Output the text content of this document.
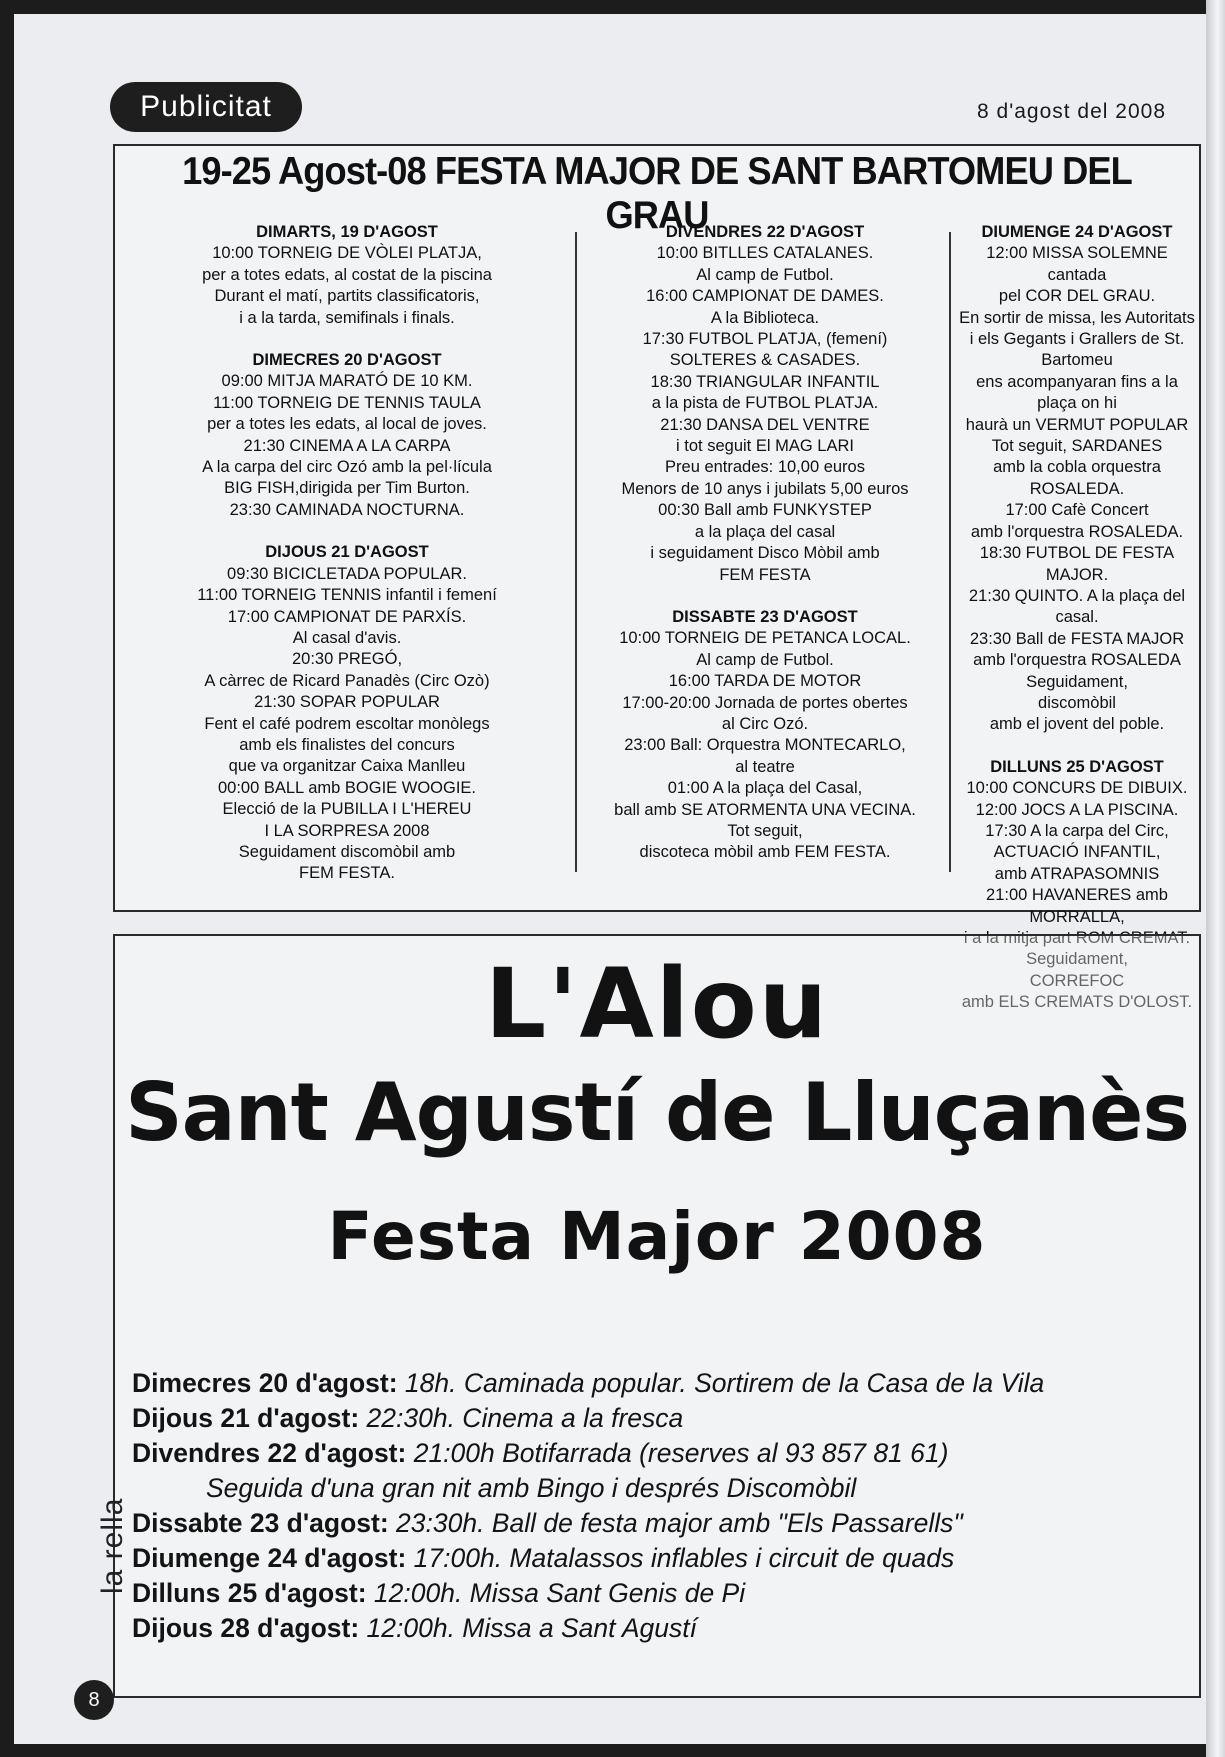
Publicitat	8 d'agost del 2008
19-25 Agost-08 FESTA MAJOR DE SANT BARTOMEU DEL GRAU
DIMARTS, 19 D'AGOST
10:00 TORNEIG DE VÒLEI PLATJA,
per a totes edats, al costat de la piscina
Durant el matí, partits classificatoris,
i a la tarda, semifinals i finals.
DIMECRES 20 D'AGOST
09:00 MITJA MARATÓ DE 10 KM.
11:00 TORNEIG DE TENNIS TAULA
per a totes les edats, al local de joves.
21:30 CINEMA A LA CARPA
A la carpa del circ Ozó amb la pel·lícula
BIG FISH,dirigida per Tim Burton.
23:30 CAMINADA NOCTURNA.
DIJOUS 21 D'AGOST
09:30 BICICLETADA POPULAR.
11:00 TORNEIG TENNIS infantil i femení
17:00 CAMPIONAT DE PARXÍS.
Al casal d'avis.
20:30 PREGÓ,
A càrrec de Ricard Panadès (Circ Ozò)
21:30 SOPAR POPULAR
Fent el café podrem escoltar monòlegs
amb els finalistes del concurs
que va organitzar Caixa Manlleu
00:00 BALL amb BOGIE WOOGIE.
Elecció de la PUBILLA I L'HEREU
I LA SORPRESA 2008
Seguidament discomòbil amb
FEM FESTA.
DIVENDRES 22 D'AGOST
10:00 BITLLES CATALANES.
Al camp de Futbol.
16:00 CAMPIONAT DE DAMES.
A la Biblioteca.
17:30 FUTBOL PLATJA, (femení)
SOLTERES & CASADES.
18:30 TRIANGULAR INFANTIL
a la pista de FUTBOL PLATJA.
21:30 DANSA DEL VENTRE
i tot seguit El MAG LARI
Preu entrades: 10,00 euros
Menors de 10 anys i jubilats 5,00 euros
00:30 Ball amb FUNKYSTEP
a la plaça del casal
i seguidament Disco Mòbil amb
FEM FESTA
DISSABTE 23 D'AGOST
10:00 TORNEIG DE PETANCA LOCAL.
Al camp de Futbol.
16:00 TARDA DE MOTOR
17:00-20:00 Jornada de portes obertes
al Circ Ozó.
23:00 Ball: Orquestra MONTECARLO,
al teatre
01:00 A la plaça del Casal,
ball amb SE ATORMENTA UNA VECINA.
Tot seguit,
discoteca mòbil amb FEM FESTA.
DIUMENGE 24 D'AGOST
12:00 MISSA SOLEMNE cantada
pel COR DEL GRAU.
En sortir de missa, les Autoritats
i els Gegants i Grallers de St. Bartomeu
ens acompanyaran fins a la plaça on hi
haurà un VERMUT POPULAR
Tot seguit, SARDANES
amb la cobla orquestra ROSALEDA.
17:00 Cafè Concert
amb l'orquestra ROSALEDA.
18:30 FUTBOL DE FESTA MAJOR.
21:30 QUINTO. A la plaça del casal.
23:30 Ball de FESTA MAJOR
amb l'orquestra ROSALEDA
Seguidament,
discomòbil
amb el jovent del poble.
DILLUNS 25 D'AGOST
10:00 CONCURS DE DIBUIX.
12:00 JOCS A LA PISCINA.
17:30 A la carpa del Circ,
ACTUACIÓ INFANTIL,
amb ATRAPASOMNIS
21:00 HAVANERES amb MORRALLA,
i a la mitja part ROM CREMAT.
Seguidament,
CORREFOC
amb ELS CREMATS D'OLOST.
L'Alou
Sant Agustí de Lluçanès
Festa Major 2008
Dimecres 20 d'agost: 18h. Caminada popular. Sortirem de la Casa de la Vila
Dijous 21 d'agost: 22:30h. Cinema a la fresca
Divendres 22 d'agost: 21:00h Botifarrada (reserves al 93 857 81 61)
Seguida d'una gran nit amb Bingo i després Discomòbil
Dissabte 23 d'agost: 23:30h. Ball de festa major amb "Els Passarells"
Diumenge 24 d'agost: 17:00h. Matalassos inflables i circuit de quads
Dilluns 25 d'agost: 12:00h. Missa Sant Genis de Pi
Dijous 28 d'agost: 12:00h. Missa a Sant Agustí
la rella
8
